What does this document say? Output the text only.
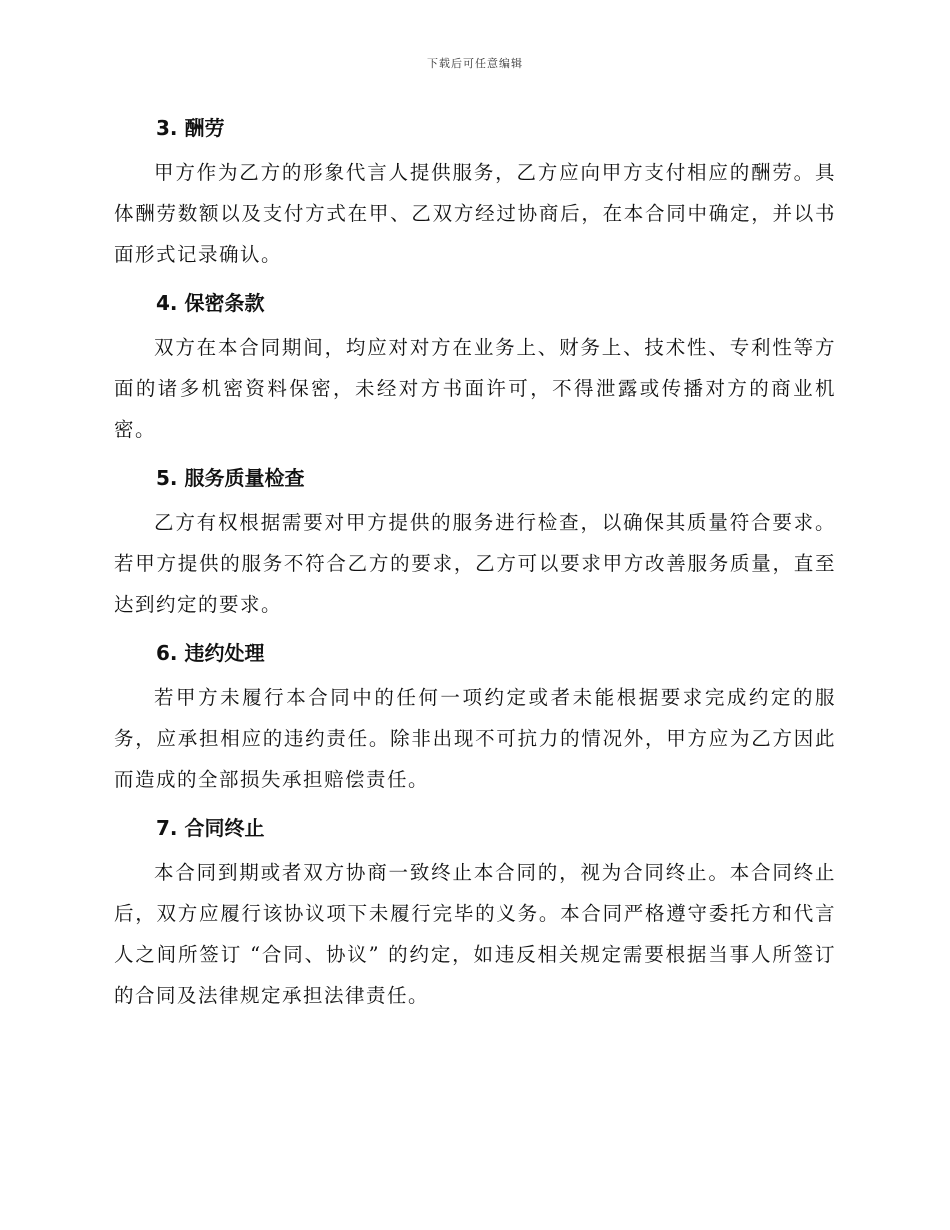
下载后可任意编辑
3. 酬劳

甲方作为乙方的形象代言人提供服务，乙方应向甲方支付相应的酬劳。具体酬劳数额以及支付方式在甲、乙双方经过协商后，在本合同中确定，并以书面形式记录确认。

4. 保密条款

双方在本合同期间，均应对对方在业务上、财务上、技术性、专利性等方面的诸多机密资料保密，未经对方书面许可，不得泄露或传播对方的商业机密。

5. 服务质量检查

乙方有权根据需要对甲方提供的服务进行检查，以确保其质量符合要求。若甲方提供的服务不符合乙方的要求，乙方可以要求甲方改善服务质量，直至达到约定的要求。

6. 违约处理

若甲方未履行本合同中的任何一项约定或者未能根据要求完成约定的服务，应承担相应的违约责任。除非出现不可抗力的情况外，甲方应为乙方因此而造成的全部损失承担赔偿责任。

7. 合同终止

本合同到期或者双方协商一致终止本合同的，视为合同终止。本合同终止后，双方应履行该协议项下未履行完毕的义务。本合同严格遵守委托方和代言人之间所签订 “合同、协议” 的约定，如违反相关规定需要根据当事人所签订的合同及法律规定承担法律责任。
